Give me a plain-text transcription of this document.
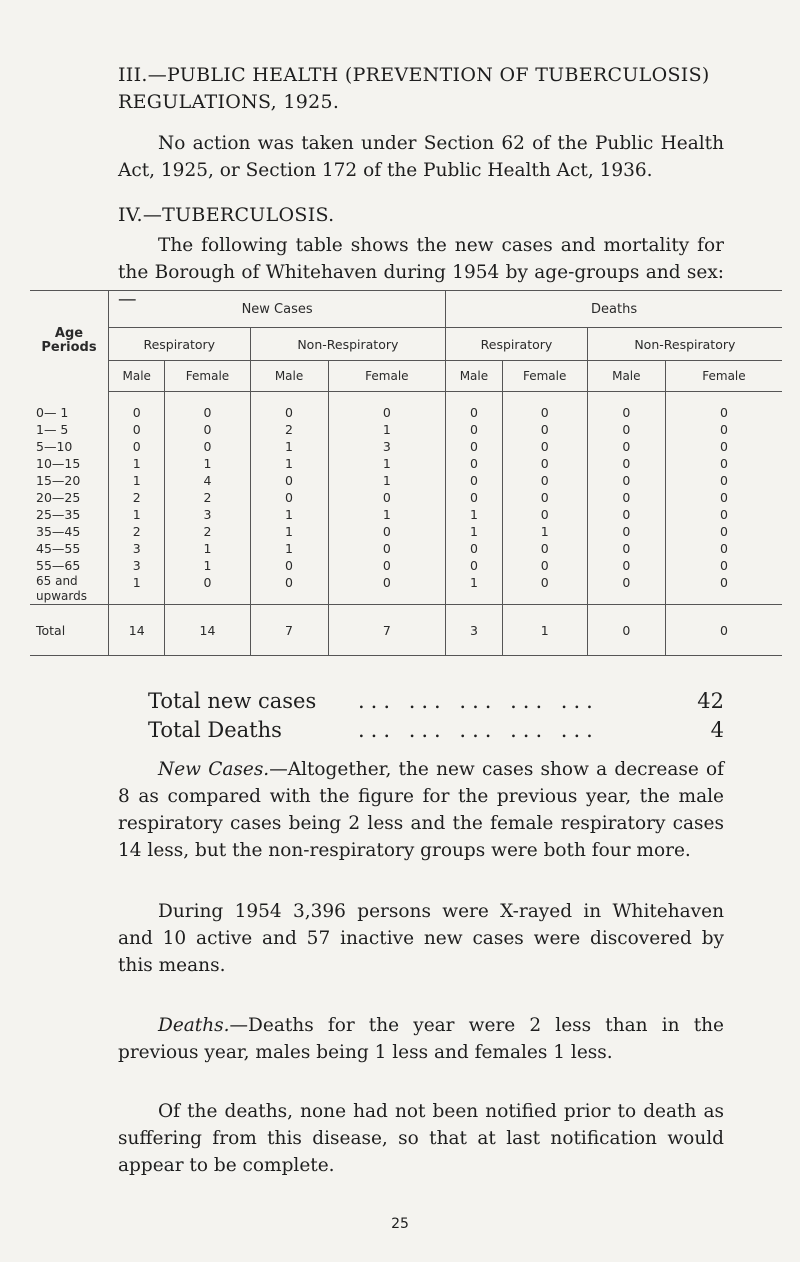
III.—PUBLIC HEALTH (PREVENTION OF TUBERCULOSIS) REGULATIONS, 1925.
No action was taken under Section 62 of the Public Health Act, 1925, or Section 172 of the Public Health Act, 1936.
IV.—TUBERCULOSIS.
The following table shows the new cases and mortality for the Borough of Whitehaven during 1954 by age-groups and sex: —
Age Periods	New Cases				Deaths			
	Respiratory		Non-Respiratory		Respiratory		Non-Respiratory	
	Male	Female	Male	Female	Male	Female	Male	Female
0— 1	0	0	0	0	0	0	0	0
1— 5	0	0	2	1	0	0	0	0
5—10	0	0	1	3	0	0	0	0
10—15	1	1	1	1	0	0	0	0
15—20	1	4	0	1	0	0	0	0
20—25	2	2	0	0	0	0	0	0
25—35	1	3	1	1	1	0	0	0
35—45	2	2	1	0	1	1	0	0
45—55	3	1	1	0	0	0	0	0
55—65	3	1	0	0	0	0	0	0
65 and upwards	1	0	0	0	1	0	0	0
Total	14	14	7	7	3	1	0	0
Total new cases ... ... ... ... ...	42
Total Deaths	... ... ... ... ...	4
New Cases.—Altogether, the new cases show a decrease of 8 as compared with the figure for the previous year, the male respiratory cases being 2 less and the female respiratory cases 14 less, but the non-respiratory groups were both four more.
During 1954 3,396 persons were X-rayed in Whitehaven and 10 active and 57 inactive new cases were discovered by this means.
Deaths.—Deaths for the year were 2 less than in the previous year, males being 1 less and females 1 less.
Of the deaths, none had not been notified prior to death as suffering from this disease, so that at last notification would appear to be complete.
25
